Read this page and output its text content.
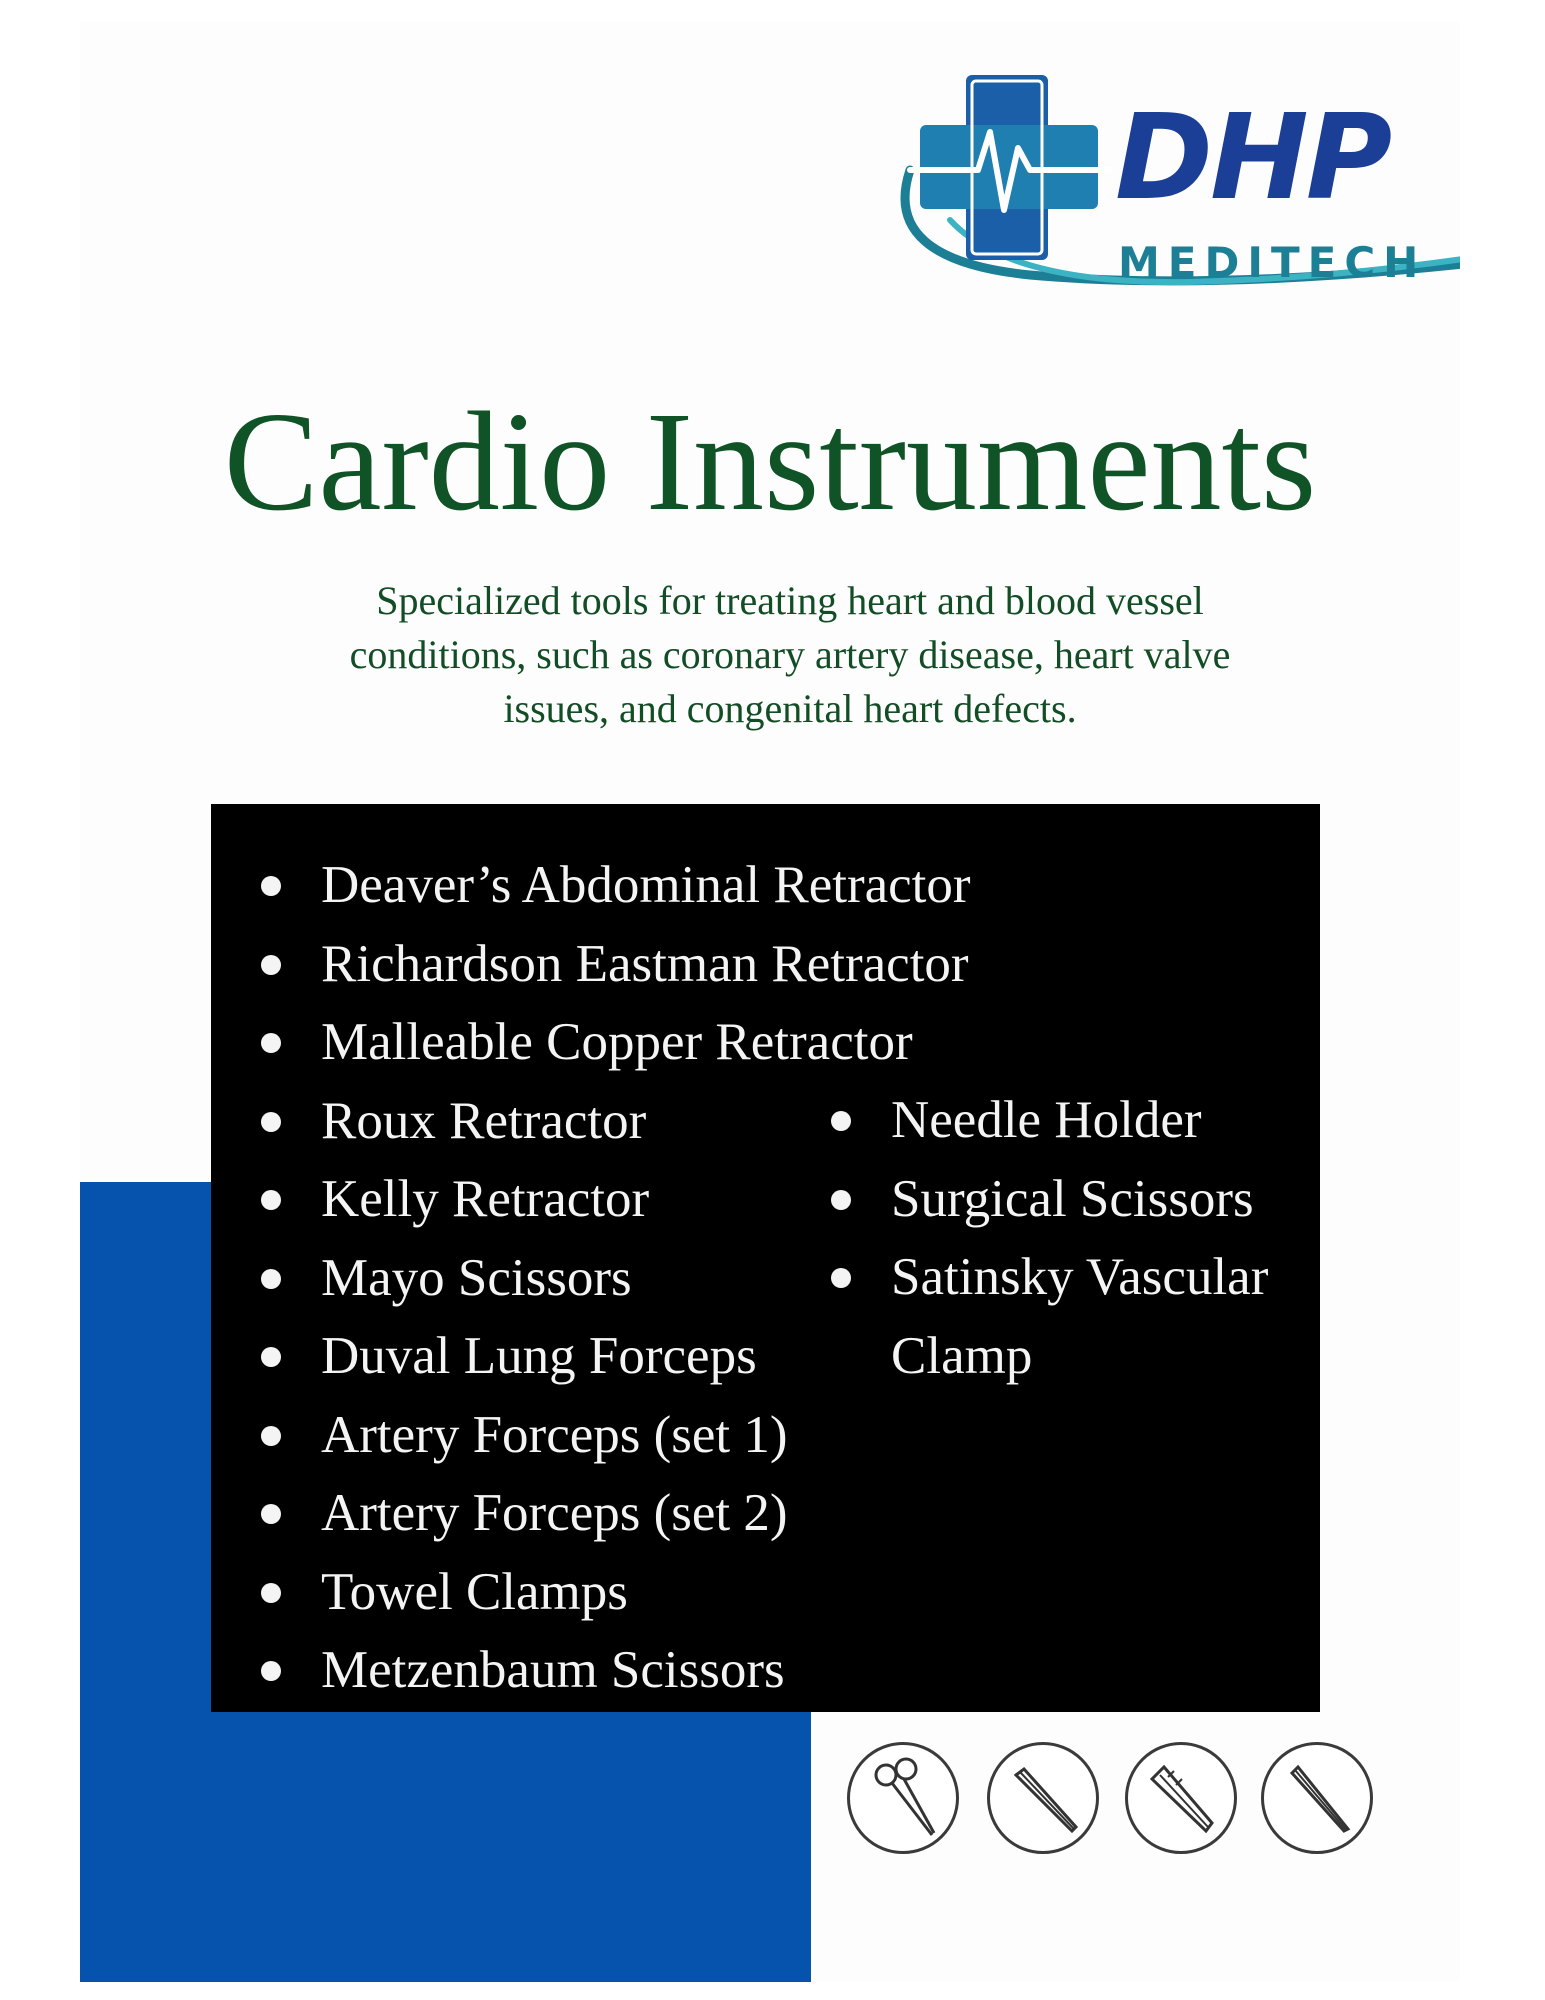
DHP
MEDITECH
Cardio Instruments

Specialized tools for treating heart and blood vessel conditions, such as coronary artery disease, heart valve issues, and congenital heart defects.

Deaver’s Abdominal Retractor
Richardson Eastman Retractor
Malleable Copper Retractor
Roux Retractor
Kelly Retractor
Mayo Scissors
Duval Lung Forceps
Artery Forceps (set 1)
Artery Forceps (set 2)
Towel Clamps
Metzenbaum Scissors
Needle Holder
Surgical Scissors
Satinsky Vascular Clamp
